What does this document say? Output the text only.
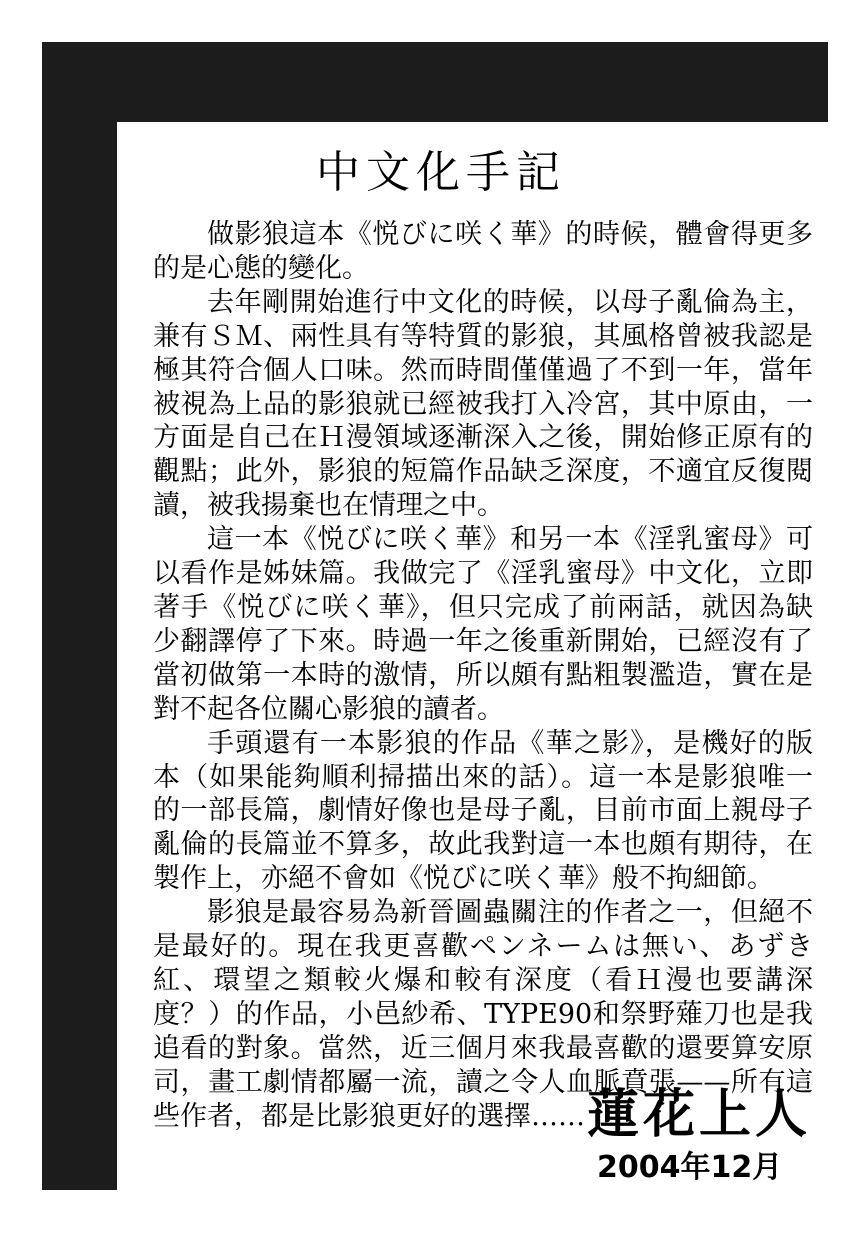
中文化手記

做影狼這本《悦びに咲く華》的時候，體會得更多的是心態的變化。

去年剛開始進行中文化的時候，以母子亂倫為主，兼有ＳＭ、兩性具有等特質的影狼，其風格曾被我認是極其符合個人口味。然而時間僅僅過了不到一年，當年被視為上品的影狼就已經被我打入冷宮，其中原由，一方面是自己在Ｈ漫領域逐漸深入之後，開始修正原有的觀點；此外，影狼的短篇作品缺乏深度，不適宜反復閱讀，被我揚棄也在情理之中。

這一本《悦びに咲く華》和另一本《淫乳蜜母》可以看作是姊妹篇。我做完了《淫乳蜜母》中文化，立即著手《悦びに咲く華》，但只完成了前兩話，就因為缺少翻譯停了下來。時過一年之後重新開始，已經沒有了當初做第一本時的激情，所以頗有點粗製濫造，實在是對不起各位關心影狼的讀者。

手頭還有一本影狼的作品《華之影》，是機好的版本（如果能夠順利掃描出來的話）。這一本是影狼唯一的一部長篇，劇情好像也是母子亂，目前市面上親母子亂倫的長篇並不算多，故此我對這一本也頗有期待，在製作上，亦絕不會如《悦びに咲く華》般不拘細節。

影狼是最容易為新晉圖蟲關注的作者之一，但絕不是最好的。現在我更喜歡ペンネームは無い、あずき紅、環望之類較火爆和較有深度（看Ｈ漫也要講深度？）的作品，小邑紗希、TYPE90和祭野薙刀也是我追看的對象。當然，近三個月來我最喜歡的還要算安原司，畫工劇情都屬一流，讀之令人血脈賁張——所有這些作者，都是比影狼更好的選擇…… 蓮花上人

2004年12月
